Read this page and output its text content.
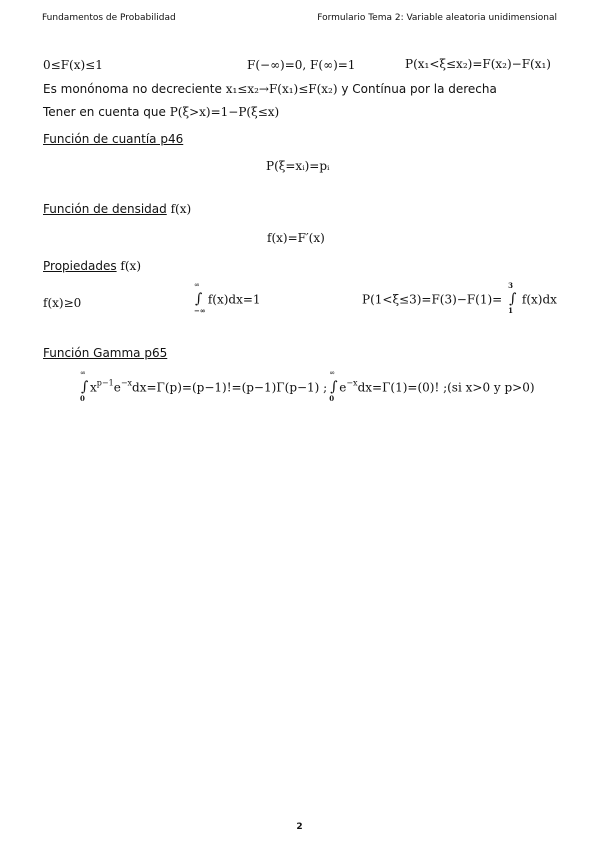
Fundamentos de Probabilidad	Formulario Tema 2: Variable aleatoria unidimensional
0≤F(x)≤1	F(−∞)=0, F(∞)=1	P(x₁<ξ≤x₂)=F(x₂)−F(x₁)
Es monónoma no decreciente x₁≤x₂→F(x₁)≤F(x₂) y Contínua por la derecha
Tener en cuenta que P(ξ>x)=1−P(ξ≤x)
Función de cuantía p46
P(ξ=xᵢ)=pᵢ
Función de densidad f(x)
f(x)=F′(x)
Propiedades f(x)
f(x)≥0	∫
∞
−∞
f(x)dx=1	P(1<ξ≤3)=F(3)−F(1)= ∫
3
1
f(x)dx
Función Gamma p65
∫
∞
0
$x^{p-1}e^{-x}dx=\Gamma(p)=(p-1)!=(p-1)\Gamma(p-1)$ ; ∫
∞
0
$e^{-x}dx=\Gamma(1)=(0)$! ;(si x>0 y p>0)
2
